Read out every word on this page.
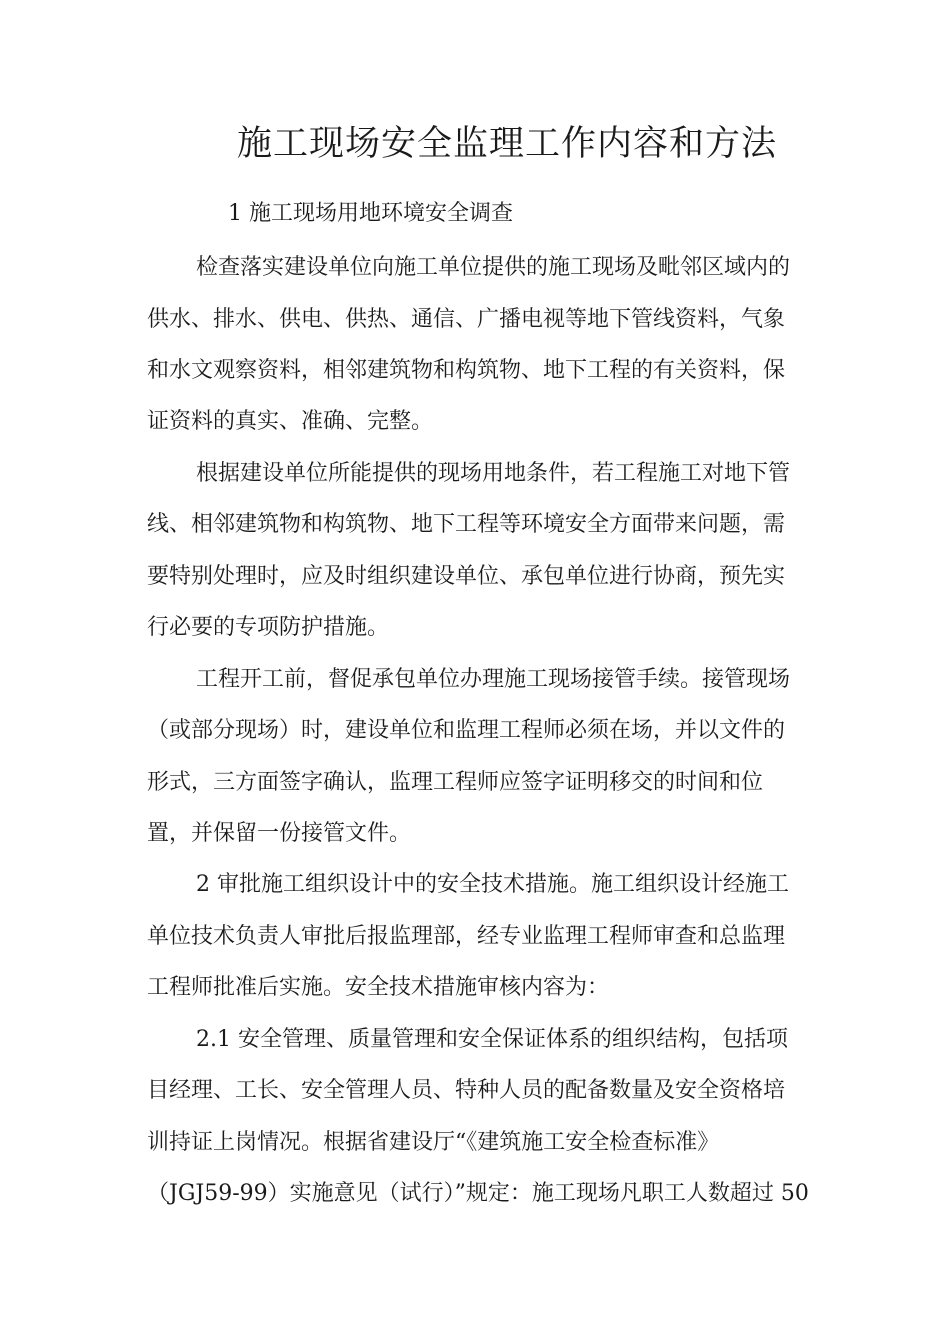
施工现场安全监理工作内容和方法
1 施工现场用地环境安全调查
检查落实建设单位向施工单位提供的施工现场及毗邻区域内的
供水、排水、供电、供热、通信、广播电视等地下管线资料，气象
和水文观察资料，相邻建筑物和构筑物、地下工程的有关资料，保
证资料的真实、准确、完整。
根据建设单位所能提供的现场用地条件，若工程施工对地下管
线、相邻建筑物和构筑物、地下工程等环境安全方面带来问题，需
要特别处理时，应及时组织建设单位、承包单位进行协商，预先实
行必要的专项防护措施。
工程开工前，督促承包单位办理施工现场接管手续。接管现场
（或部分现场）时，建设单位和监理工程师必须在场，并以文件的
形式，三方面签字确认，监理工程师应签字证明移交的时间和位
置，并保留一份接管文件。
2 审批施工组织设计中的安全技术措施。施工组织设计经施工
单位技术负责人审批后报监理部，经专业监理工程师审查和总监理
工程师批准后实施。安全技术措施审核内容为：
2.1 安全管理、质量管理和安全保证体系的组织结构，包括项
目经理、工长、安全管理人员、特种人员的配备数量及安全资格培
训持证上岗情况。根据省建设厅“《建筑施工安全检查标准》
（JGJ59-99）实施意见（试行）”规定：施工现场凡职工人数超过 50
